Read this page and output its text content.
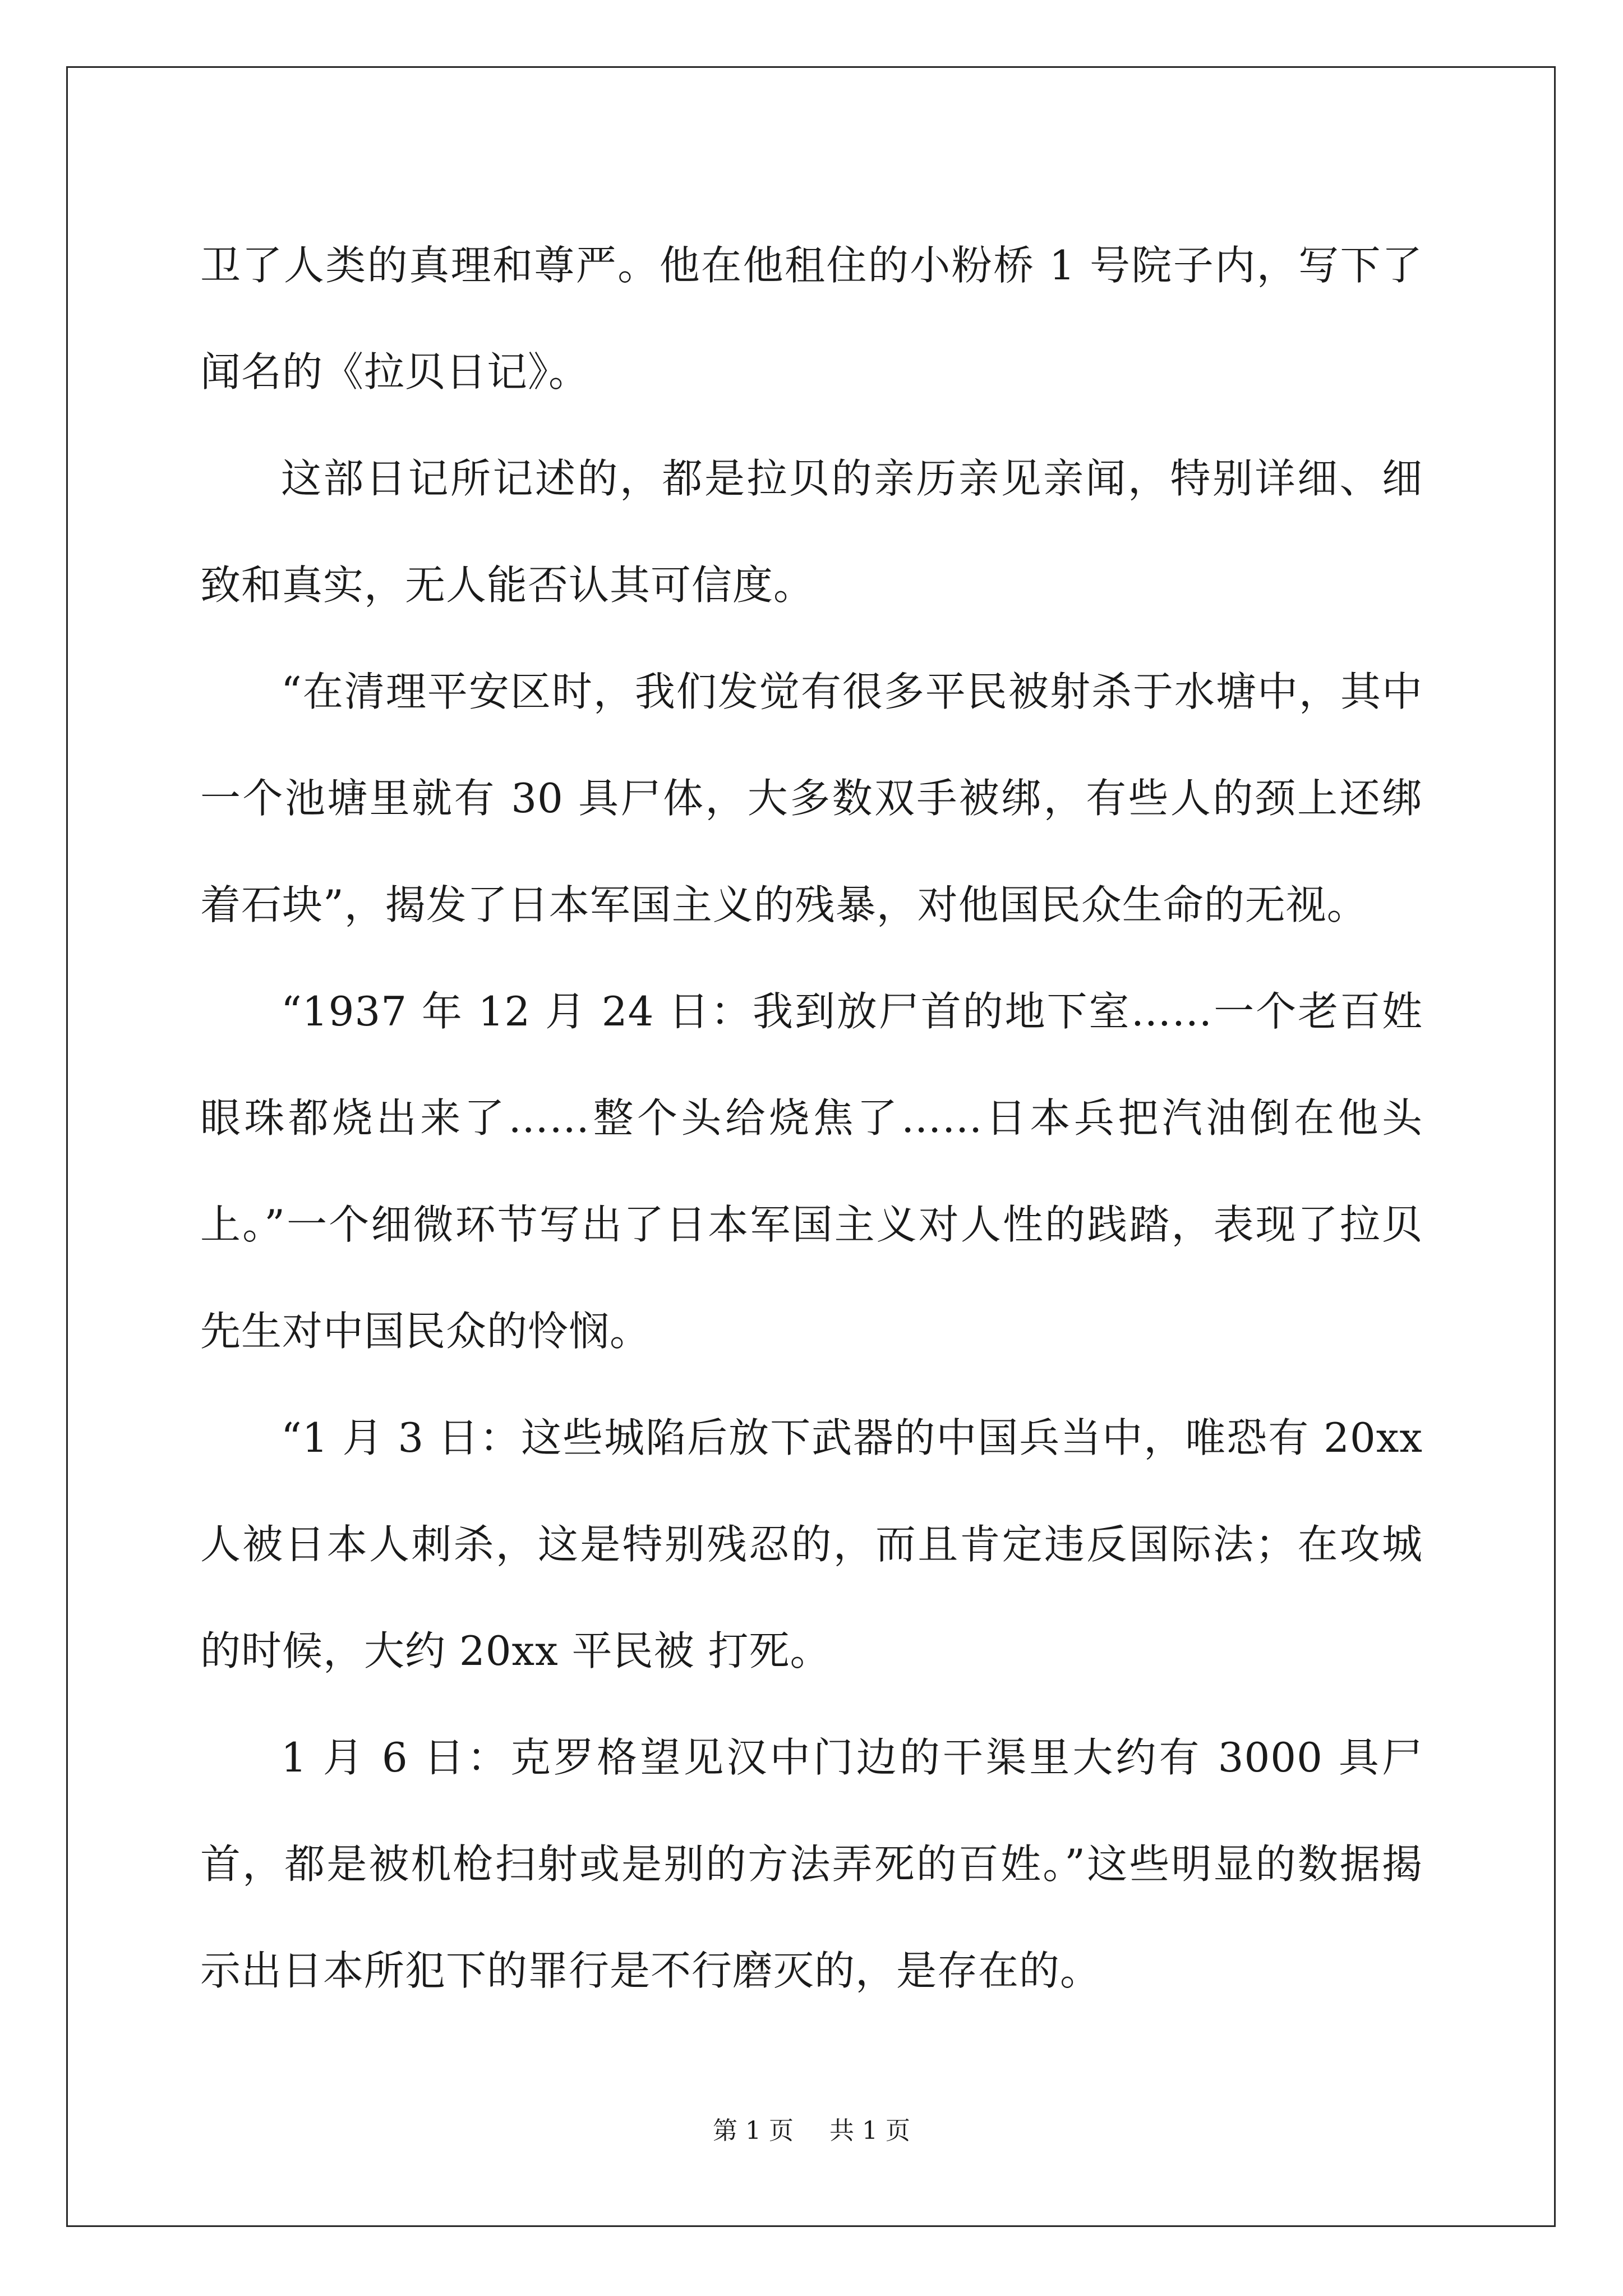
卫了人类的真理和尊严。他在他租住的小粉桥 1 号院子内，写下了闻名的《拉贝日记》。

这部日记所记述的，都是拉贝的亲历亲见亲闻，特别详细、细致和真实，无人能否认其可信度。

“在清理平安区时，我们发觉有很多平民被射杀于水塘中，其中一个池塘里就有 30 具尸体，大多数双手被绑，有些人的颈上还绑着石块”，揭发了日本军国主义的残暴，对他国民众生命的无视。

“1937 年 12 月 24 日：我到放尸首的地下室……一个老百姓眼珠都烧出来了……整个头给烧焦了……日本兵把汽油倒在他头上。”一个细微环节写出了日本军国主义对人性的践踏，表现了拉贝先生对中国民众的怜悯。

“1 月 3 日：这些城陷后放下武器的中国兵当中，唯恐有 20xx 人被日本人刺杀，这是特别残忍的，而且肯定违反国际法；在攻城的时候，大约 20xx 平民被 打死。

1 月 6 日：克罗格望见汉中门边的干渠里大约有 3000 具尸首，都是被机枪扫射或是别的方法弄死的百姓。”这些明显的数据揭示出日本所犯下的罪行是不行磨灭的，是存在的。

第 1 页 共 1 页
